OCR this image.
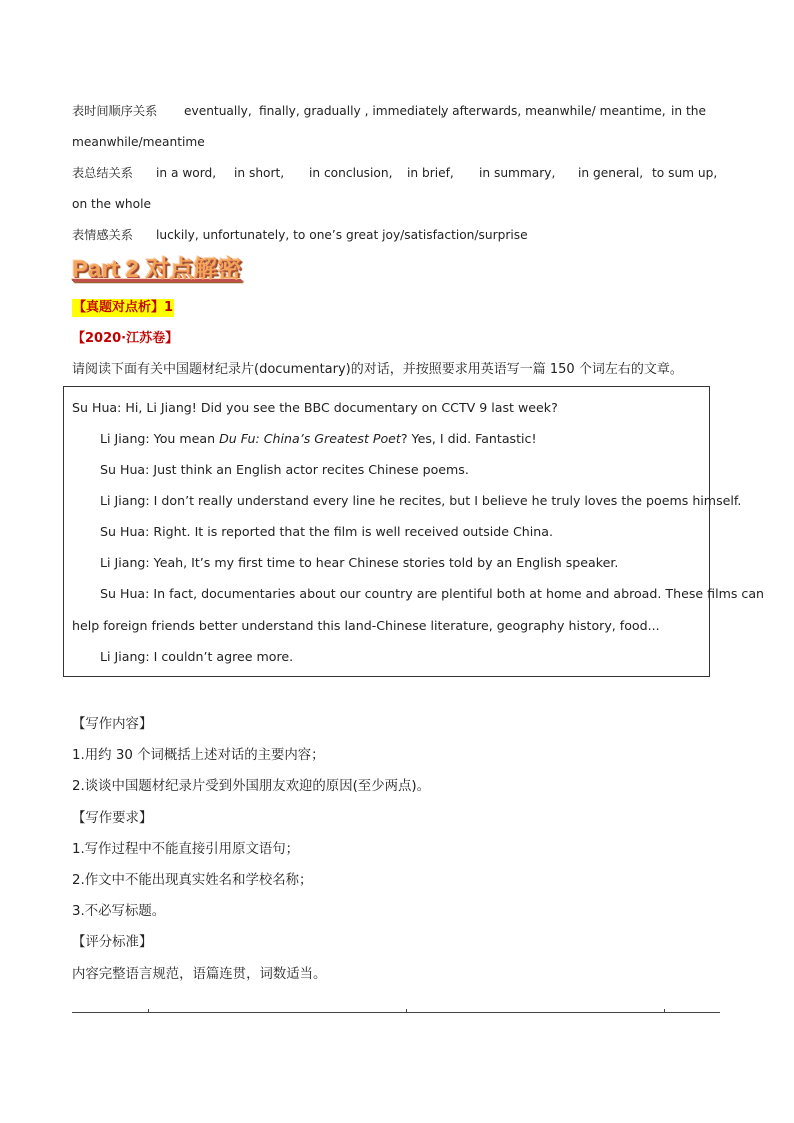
表时间顺序关系 eventually, finally, gradually , immediately
，afterwards, meanwhile/ meantime, in the
meanwhile/meantime
表总结关系 in a word, in short, in conclusion, in brief, in summary, in general, to sum up,
on the whole
表情感关系 luckily, unfortunately, to one’s great joy/satisfaction/surprise
Part 2 对点解密
【真题对点析】1
【2020·江苏卷】
请阅读下面有关中国题材纪录片(documentary)的对话，并按照要求用英语写一篇 150 个词左右的文章。
Su Hua: Hi, Li Jiang! Did you see the BBC documentary on CCTV 9 last week?
Li Jiang: You mean Du Fu: China’s Greatest Poet? Yes, I did. Fantastic!
Su Hua: Just think an English actor recites Chinese poems.
Li Jiang: I don’t really understand every line he recites, but I believe he truly loves the poems himself.
Su Hua: Right. It is reported that the film is well received outside China.
Li Jiang: Yeah, It’s my first time to hear Chinese stories told by an English speaker.
Su Hua: In fact, documentaries about our country are plentiful both at home and abroad. These films can
help foreign friends better understand this land-Chinese literature, geography history, food...
Li Jiang: I couldn’t agree more.
【写作内容】
1.用约 30 个词概括上述对话的主要内容；
2.谈谈中国题材纪录片受到外国朋友欢迎的原因(至少两点)。
【写作要求】
1.写作过程中不能直接引用原文语句；
2.作文中不能出现真实姓名和学校名称；
3.不必写标题。
【评分标准】
内容完整语言规范，语篇连贯，词数适当。
